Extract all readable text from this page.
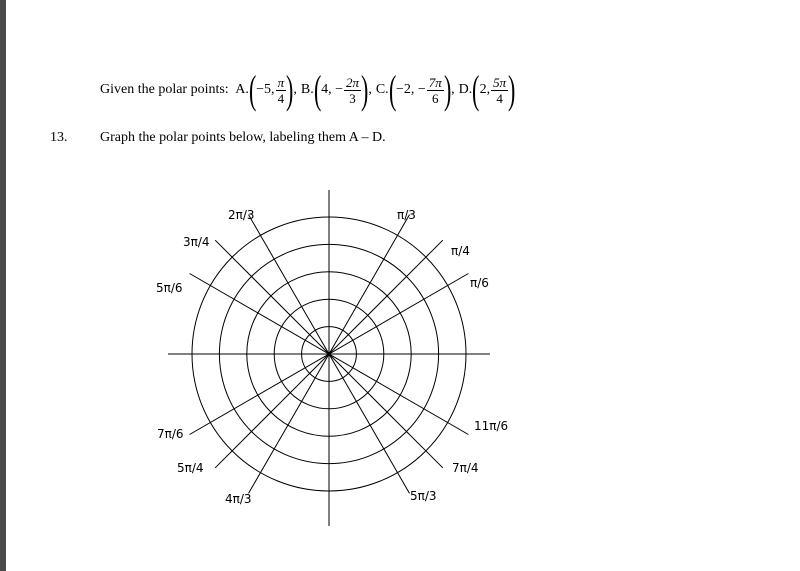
Given the polar points:
A. ( −5, $\frac{\pi}{4}$ ) , B. ( 4, − $\frac{2\pi}{3}$ ) , C. ( −2, − $\frac{7\pi}{6}$ ) , D. ( 2, $\frac{5\pi}{4}$ )
13. Graph the polar points below, labeling them A – D.
π/6
π/4
π/3
2π/3
3π/4
5π/6
7π/6
5π/4
4π/3	5π/3
7π/4
11π/6
